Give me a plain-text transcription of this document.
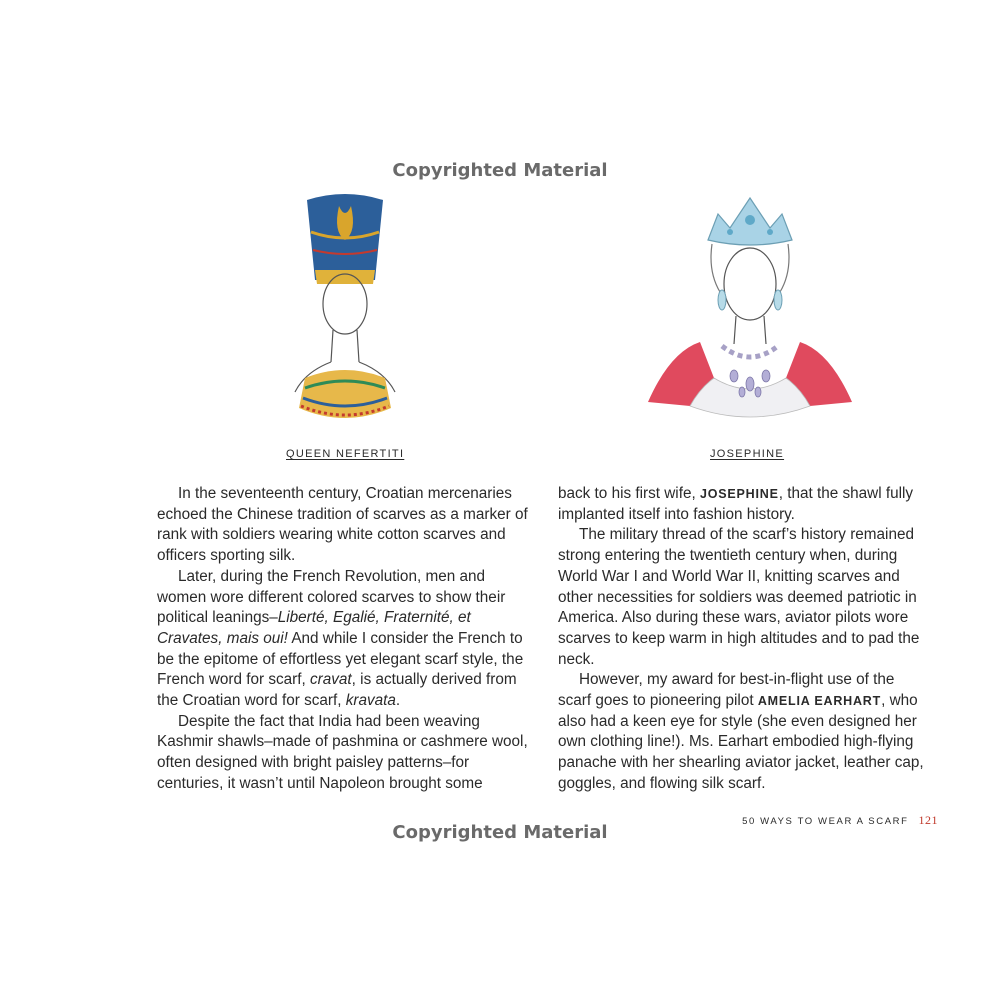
Copyrighted Material
QUEEN NEFERTITI	JOSEPHINE

In the seventeenth century, Croatian mercenaries echoed the Chinese tradition of scarves as a marker of rank with soldiers wearing white cotton scarves and officers sporting silk.

Later, during the French Revolution, men and women wore different colored scarves to show their political leanings–Liberté, Egalié, Fraternité, et Cravates, mais oui! And while I consider the French to be the epitome of effortless yet elegant scarf style, the French word for scarf, cravat, is actually derived from the Croatian word for scarf, kravata.

Despite the fact that India had been weaving Kashmir shawls–made of pashmina or cashmere wool, often designed with bright paisley patterns–for centuries, it wasn’t until Napoleon brought some

back to his first wife, JOSEPHINE, that the shawl fully implanted itself into fashion history.

The military thread of the scarf’s history remained strong entering the twentieth century when, during World War I and World War II, knitting scarves and other necessities for soldiers was deemed patriotic in America. Also during these wars, aviator pilots wore scarves to keep warm in high altitudes and to pad the neck.

However, my award for best-in-flight use of the scarf goes to pioneering pilot AMELIA EARHART, who also had a keen eye for style (she even designed her own clothing line!). Ms. Earhart embodied high-flying panache with her shearling aviator jacket, leather cap, goggles, and flowing silk scarf.

50 WAYS TO WEAR A SCARF 121
Copyrighted Material
